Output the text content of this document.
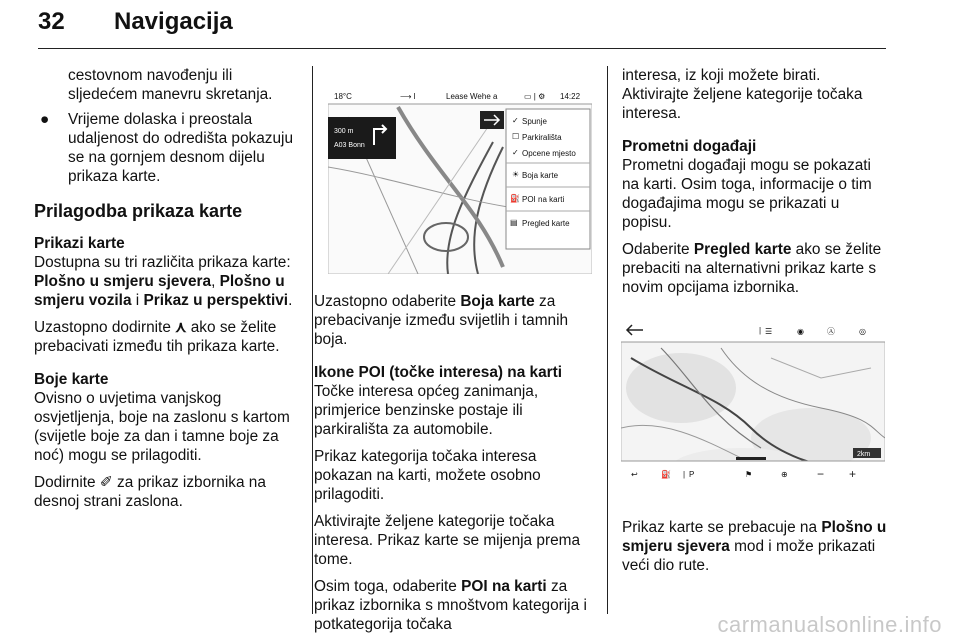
32 Navigacija

cestovnom navođenju ili sljedećem manevru skretanja.

● Vrijeme dolaska i preostala udaljenost do odredišta pokazuju se na gornjem desnom dijelu prikaza karte.
Prilagodba prikaza karte

Prikazi karte
Dostupna su tri različita prikaza karte:
Plošno u smjeru sjevera, Plošno u smjeru vozila i Prikaz u perspektivi.

Uzastopno dodirnite ⋏ ako se želite prebacivati između tih prikaza karte.

Boje karte
Ovisno o uvjetima vanjskog osvjetljenja, boje na zaslonu s kartom (svijetle boje za dan i tamne boje za noć) mogu se prilagoditi.

Dodirnite ✐ za prikaz izbornika na desnoj strani zaslona.

18°C	⟶ l	Lease Wehe a	▭ | ⚙ 14:22
300 m
A03 Bonn
✓ Spunje
☐ Parkirališta
✓ Opcene mjesto
☀ Boja karte
⛽ POI na karti
▤ Pregled karte

Uzastopno odaberite Boja karte za prebacivanje između svijetlih i tamnih boja.

Ikone POI (točke interesa) na karti
Točke interesa općeg zanimanja, primjerice benzinske postaje ili parkirališta za automobile.

Prikaz kategorija točaka interesa pokazan na karti, možete osobno prilagoditi.

Aktivirajte željene kategorije točaka interesa. Prikaz karte se mijenja prema tome.

Osim toga, odaberite POI na karti za prikaz izbornika s mnoštvom kategorija i potkategorija točaka

interesa, iz koji možete birati. Aktivirajte željene kategorije točaka interesa.

Prometni događaji
Prometni događaji mogu se pokazati na karti. Osim toga, informacije o tim događajima mogu se prikazati u popisu.

Odaberite Pregled karte ako se želite prebaciti na alternativni prikaz karte s novim opcijama izbornika.

| ☰	◉	Ⓐ	◎
2km
↩	⛽ | P	⚑	⊕ − +

Prikaz karte se prebacuje na Plošno u smjeru sjevera mod i može prikazati veći dio rute.

carmanualsonline.info
